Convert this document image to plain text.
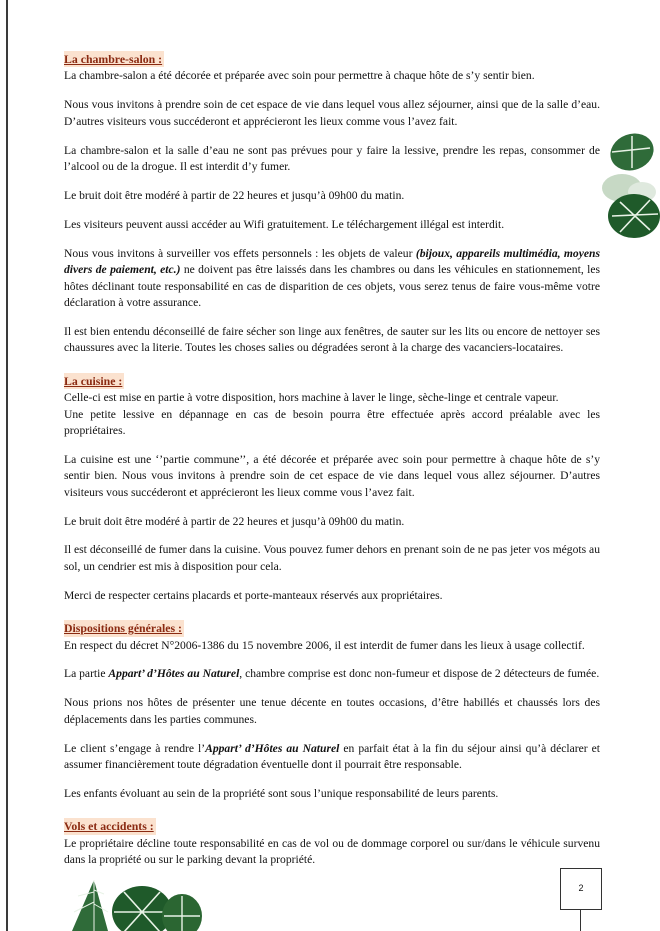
La chambre-salon :

La chambre-salon a été décorée et préparée avec soin pour permettre à chaque hôte de s’y sentir bien.

Nous vous invitons à prendre soin de cet espace de vie dans lequel vous allez séjourner, ainsi que de la salle d’eau. D’autres visiteurs vous succéderont et apprécieront les lieux comme vous l’avez fait.

La chambre-salon et la salle d’eau ne sont pas prévues pour y faire la lessive, prendre les repas, consommer de l’alcool ou de la drogue. Il est interdit d’y fumer.

Le bruit doit être modéré à partir de 22 heures et jusqu’à 09h00 du matin.

Les visiteurs peuvent aussi accéder au Wifi gratuitement. Le téléchargement illégal est interdit.

Nous vous invitons à surveiller vos effets personnels : les objets de valeur (bijoux, appareils multimédia, moyens divers de paiement, etc.) ne doivent pas être laissés dans les chambres ou dans les véhicules en stationnement, les hôtes déclinant toute responsabilité en cas de disparition de ces objets, vous serez tenus de faire vous-même votre déclaration à votre assurance.

Il est bien entendu déconseillé de faire sécher son linge aux fenêtres, de sauter sur les lits ou encore de nettoyer ses chaussures avec la literie. Toutes les choses salies ou dégradées seront à la charge des vacanciers-locataires.

La cuisine :

Celle-ci est mise en partie à votre disposition, hors machine à laver le linge, sèche-linge et centrale vapeur.

Une petite lessive en dépannage en cas de besoin pourra être effectuée après accord préalable avec les propriétaires.

La cuisine est une ‘’partie commune’’, a été décorée et préparée avec soin pour permettre à chaque hôte de s’y sentir bien. Nous vous invitons à prendre soin de cet espace de vie dans lequel vous allez séjourner. D’autres visiteurs vous succéderont et apprécieront les lieux comme vous l’avez fait.

Le bruit doit être modéré à partir de 22 heures et jusqu’à 09h00 du matin.

Il est déconseillé de fumer dans la cuisine. Vous pouvez fumer dehors en prenant soin de ne pas jeter vos mégots au sol, un cendrier est mis à disposition pour cela.

Merci de respecter certains placards et porte-manteaux réservés aux propriétaires.

Dispositions générales :

En respect du décret N°2006-1386 du 15 novembre 2006, il est interdit de fumer dans les lieux à usage collectif.

La partie Appart’ d’Hôtes au Naturel, chambre comprise est donc non-fumeur et dispose de 2 détecteurs de fumée.

Nous prions nos hôtes de présenter une tenue décente en toutes occasions, d’être habillés et chaussés lors des déplacements dans les parties communes.

Le client s’engage à rendre l’Appart’ d’Hôtes au Naturel en parfait état à la fin du séjour ainsi qu’à déclarer et assumer financièrement toute dégradation éventuelle dont il pourrait être responsable.

Les enfants évoluant au sein de la propriété sont sous l’unique responsabilité de leurs parents.

Vols et accidents :

Le propriétaire décline toute responsabilité en cas de vol ou de dommage corporel ou sur/dans le véhicule survenu dans la propriété ou sur le parking devant la propriété.

2
